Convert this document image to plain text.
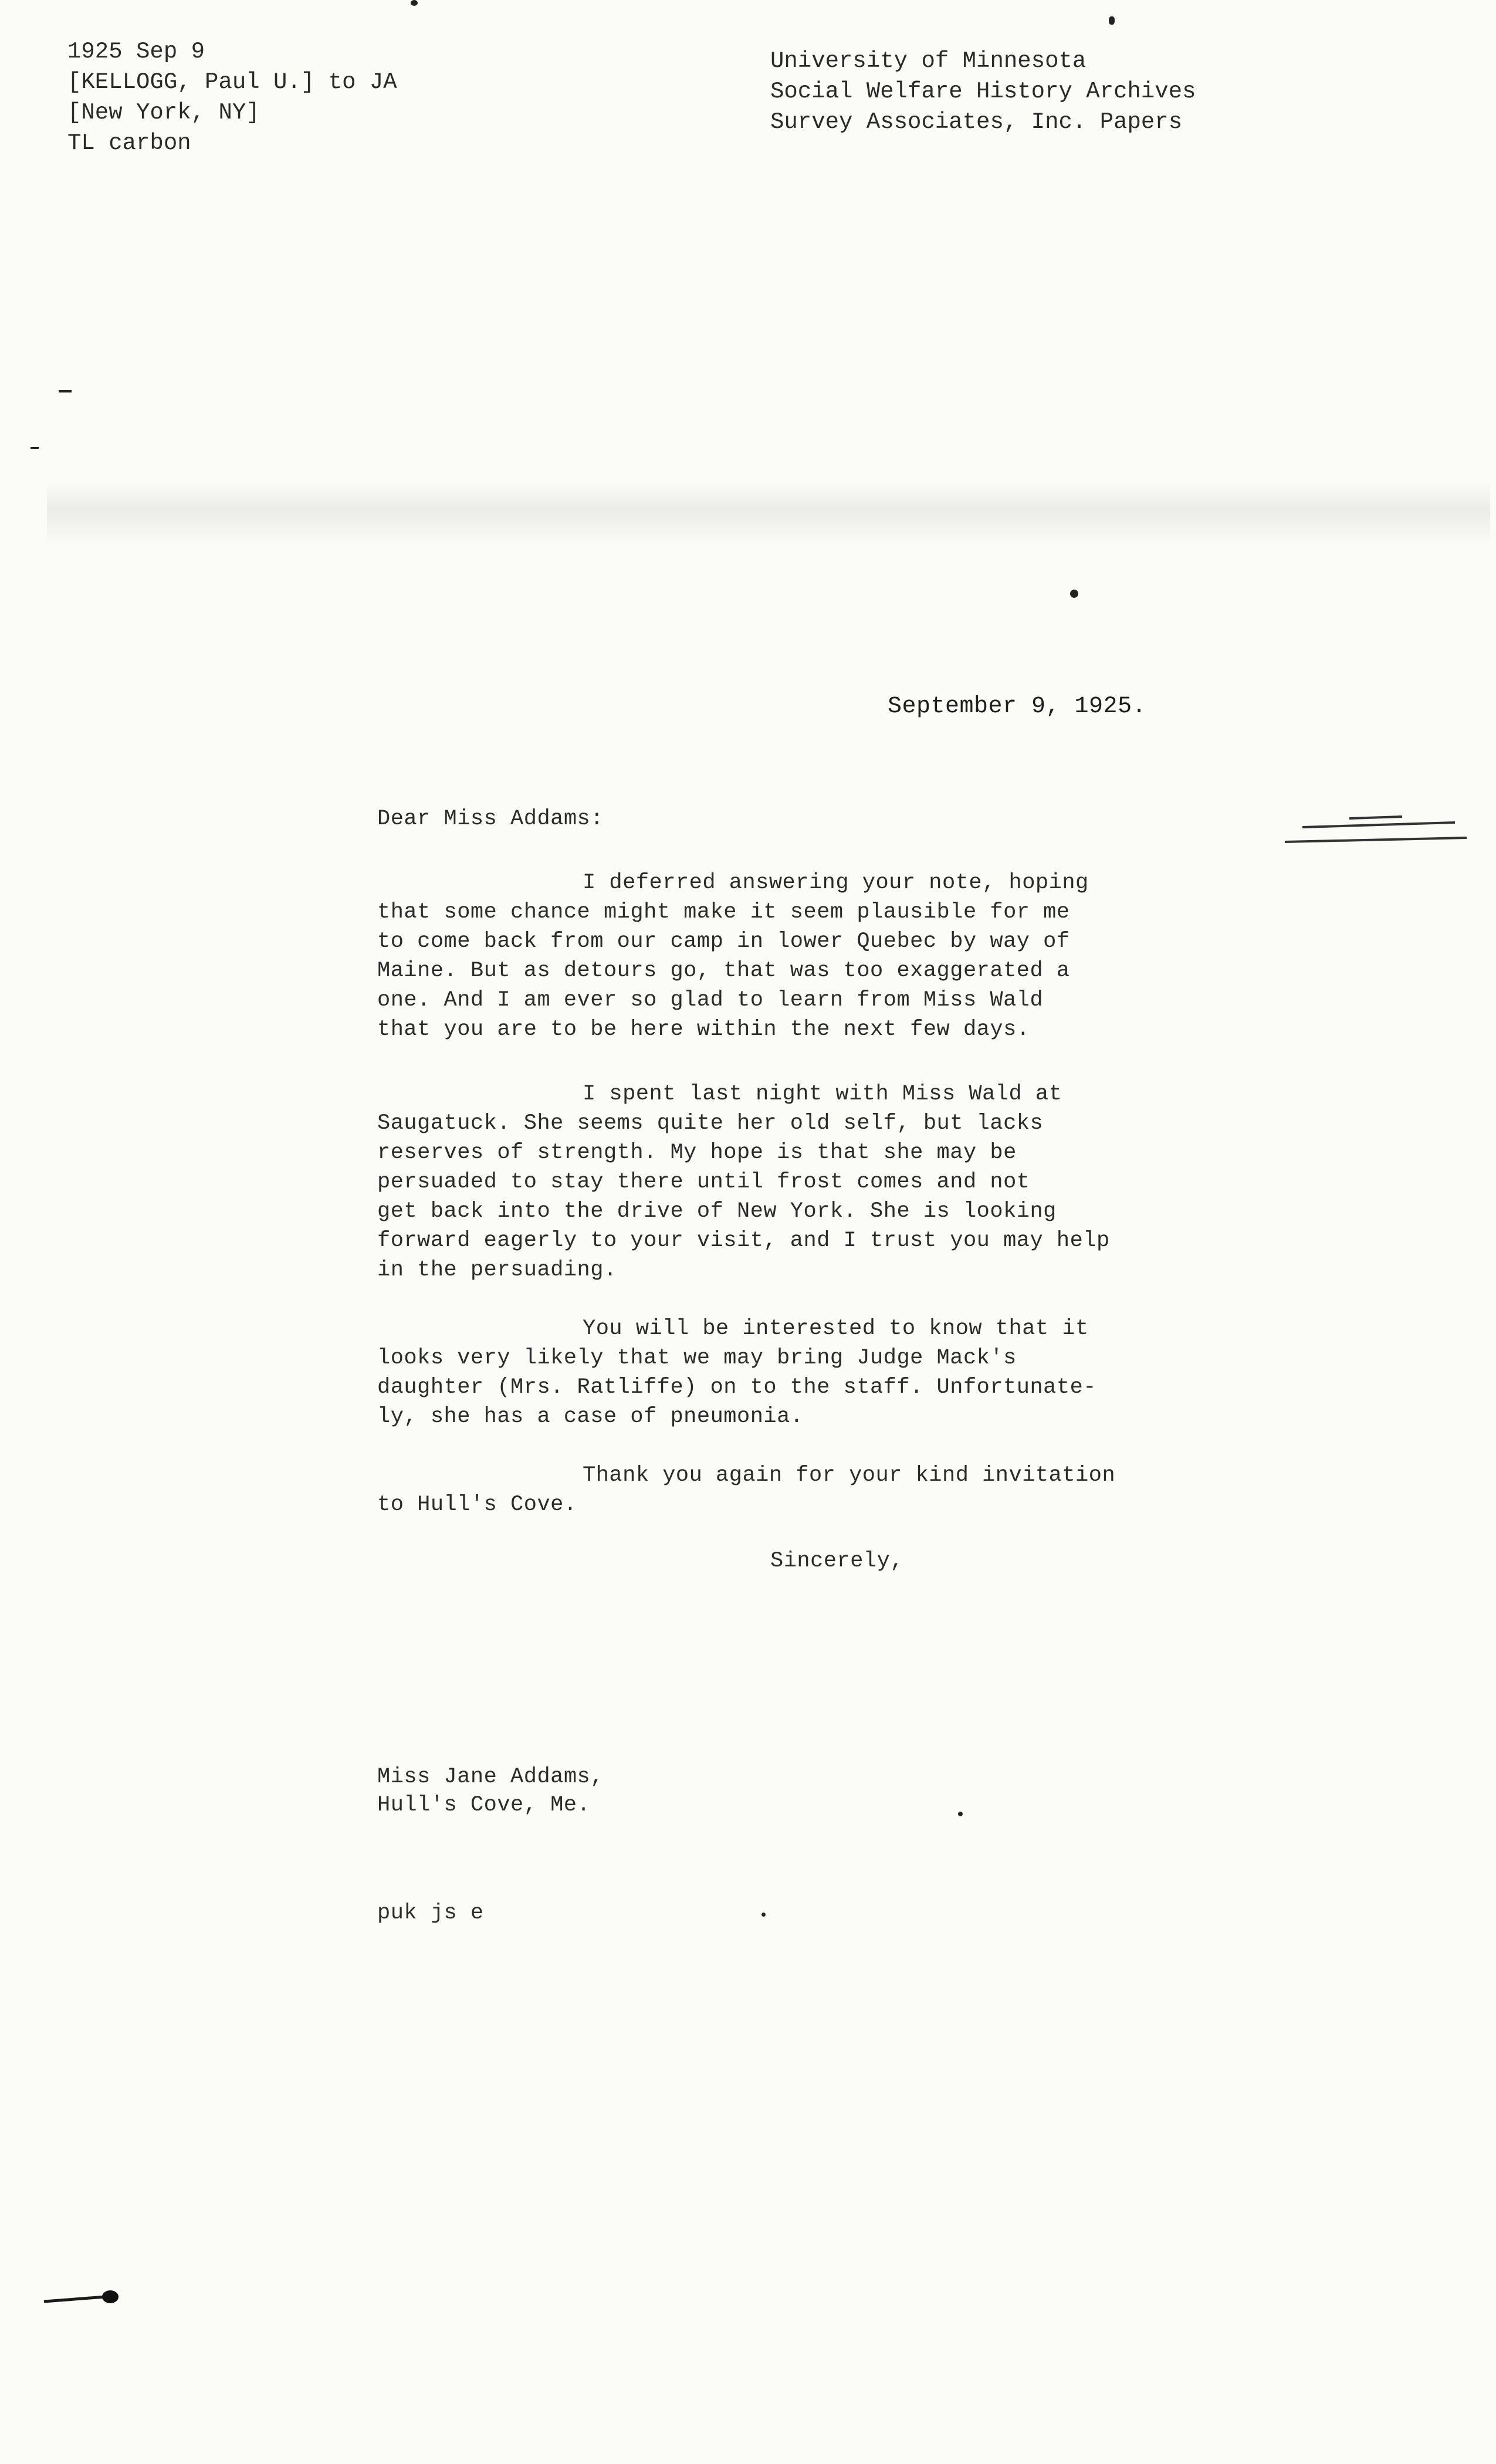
1925 Sep 9
[KELLOGG, Paul U.] to JA
[New York, NY]
TL carbon
University of Minnesota
Social Welfare History Archives
Survey Associates, Inc. Papers
September 9, 1925.
Dear Miss Addams:
I deferred answering your note, hoping
that some chance might make it seem plausible for me
to come back from our camp in lower Quebec by way of
Maine. But as detours go, that was too exaggerated a
one. And I am ever so glad to learn from Miss Wald
that you are to be here within the next few days.
I spent last night with Miss Wald at
Saugatuck. She seems quite her old self, but lacks
reserves of strength. My hope is that she may be
persuaded to stay there until frost comes and not
get back into the drive of New York. She is looking
forward eagerly to your visit, and I trust you may help
in the persuading.
You will be interested to know that it
looks very likely that we may bring Judge Mack's
daughter (Mrs. Ratliffe) on to the staff. Unfortunate-
ly, she has a case of pneumonia.
Thank you again for your kind invitation
to Hull's Cove.
Sincerely,
Miss Jane Addams,
Hull's Cove, Me.
puk js e
